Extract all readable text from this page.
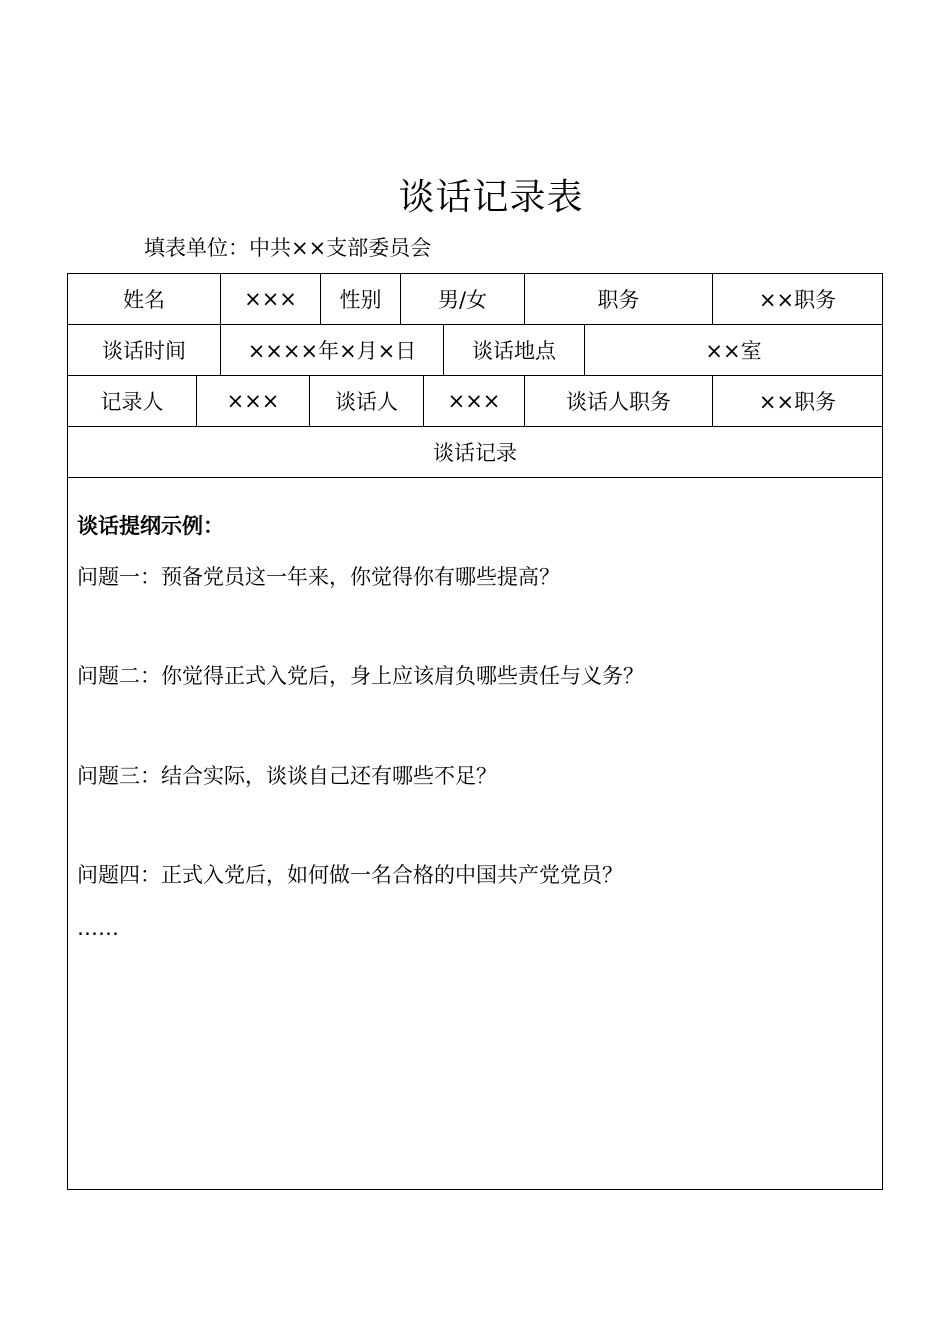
谈话记录表
填表单位：中共××支部委员会
姓名	×××	性别	男/女	职务	××职务
谈话时间	××××年×月×日	谈话地点	××室
记录人	×××	谈话人	×××	谈话人职务	××职务
谈话记录
谈话提纲示例：
问题一：预备党员这一年来，你觉得你有哪些提高？
问题二：你觉得正式入党后，身上应该肩负哪些责任与义务？
问题三：结合实际，谈谈自己还有哪些不足？
问题四：正式入党后，如何做一名合格的中国共产党党员？
……
